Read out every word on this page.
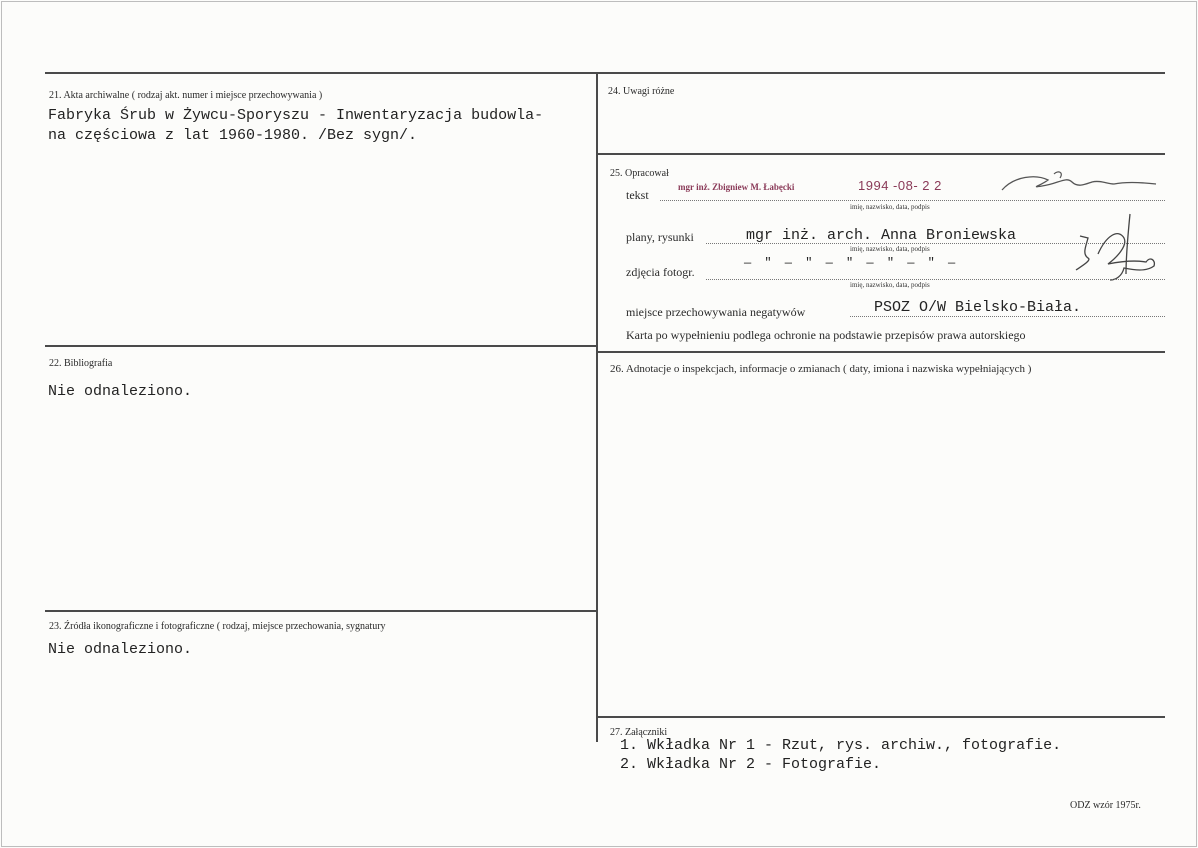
21. Akta archiwalne ( rodzaj akt. numer i miejsce przechowywania )
Fabryka Śrub w Żywcu-Sporyszu - Inwentaryzacja budowla-
na częściowa z lat 1960-1980. /Bez sygn/.
22. Bibliografia
Nie odnaleziono.
23. Źródła ikonograficzne i fotograficzne ( rodzaj, miejsce przechowania, sygnatury
Nie odnaleziono.
24. Uwagi różne
25. Opracował
tekst
mgr inż. Zbigniew M. Łabęcki	1994 -08- 2 2
imię, nazwisko, data, podpis
plany, rysunki	mgr inż. arch. Anna Broniewska
imię, nazwisko, data, podpis
zdjęcia fotogr.
— " — " — " — " — " —
imię, nazwisko, data, podpis
miejsce przechowywania negatywów	PSOZ O/W Bielsko-Biała.
Karta po wypełnieniu podlega ochronie na podstawie przepisów prawa autorskiego
26. Adnotacje o inspekcjach, informacje o zmianach ( daty, imiona i nazwiska wypełniających )
27. Załączniki
1. Wkładka Nr 1 - Rzut, rys. archiw., fotografie.
2. Wkładka Nr 2 - Fotografie.
ODZ wzór 1975r.
